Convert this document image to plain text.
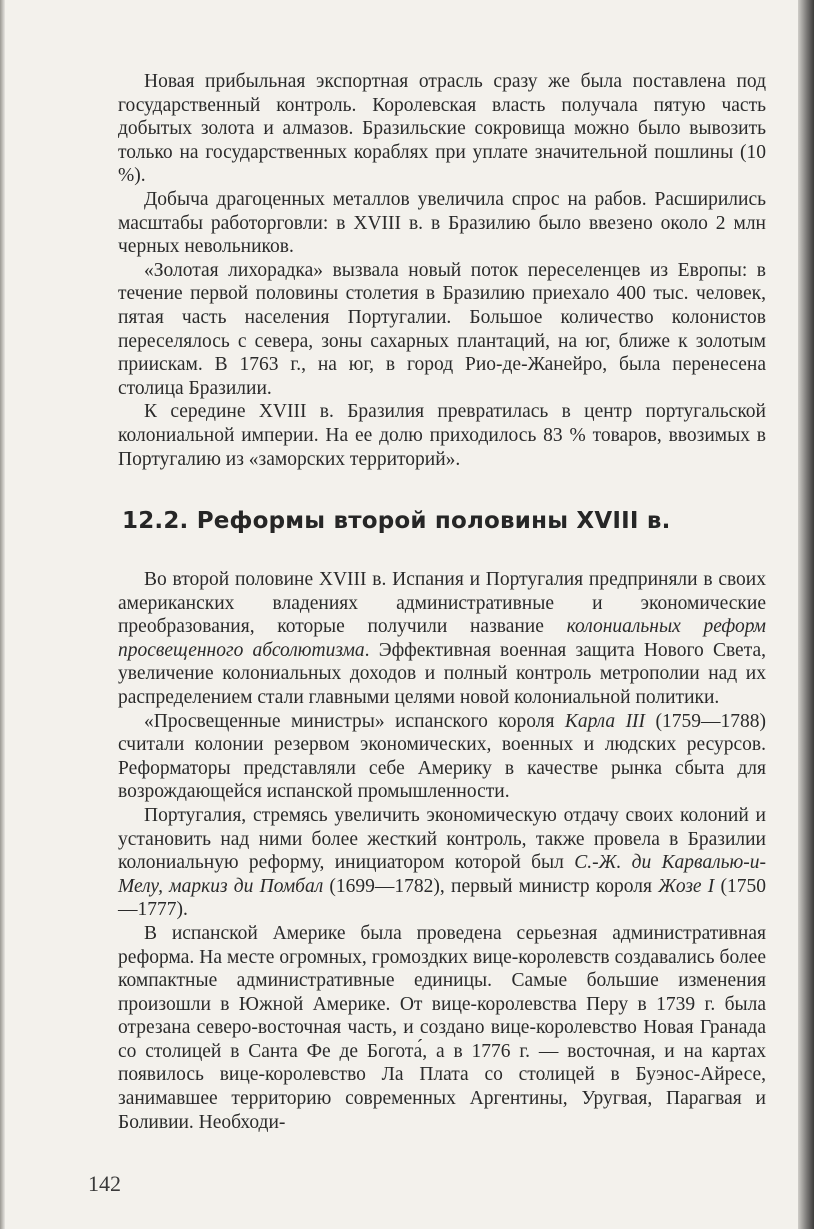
Новая прибыльная экспортная отрасль сразу же была поставлена под государственный контроль. Королевская власть получала пятую часть добытых золота и алмазов. Бразильские сокровища можно было вывозить только на государственных кораблях при уплате значительной пошлины (10 %).

Добыча драгоценных металлов увеличила спрос на рабов. Расширились масштабы работорговли: в XVIII в. в Бразилию было ввезено около 2 млн черных невольников.

«Золотая лихорадка» вызвала новый поток переселенцев из Европы: в течение первой половины столетия в Бразилию приехало 400 тыс. человек, пятая часть населения Португалии. Большое количество колонистов переселялось с севера, зоны сахарных плантаций, на юг, ближе к золотым приискам. В 1763 г., на юг, в город Рио-де-Жанейро, была перенесена столица Бразилии.

К середине XVIII в. Бразилия превратилась в центр португальской колониальной империи. На ее долю приходилось 83 % товаров, ввозимых в Португалию из «заморских территорий».

12.2. Реформы второй половины XVIII в.

Во второй половине XVIII в. Испания и Португалия предприняли в своих американских владениях административные и экономические преобразования, которые получили название колониальных реформ просвещенного абсолютизма. Эффективная военная защита Нового Света, увеличение колониальных доходов и полный контроль метрополии над их распределением стали главными целями новой колониальной политики.

«Просвещенные министры» испанского короля Карла III (1759—1788) считали колонии резервом экономических, военных и людских ресурсов. Реформаторы представляли себе Америку в качестве рынка сбыта для возрождающейся испанской промышленности.

Португалия, стремясь увеличить экономическую отдачу своих колоний и установить над ними более жесткий контроль, также провела в Бразилии колониальную реформу, инициатором которой был С.-Ж. ди Карвалью-и-Мелу, маркиз ди Помбал (1699—1782), первый министр короля Жозе I (1750—1777).

В испанской Америке была проведена серьезная административная реформа. На месте огромных, громоздких вице-королевств создавались более компактные административные единицы. Самые большие изменения произошли в Южной Америке. От вице-королевства Перу в 1739 г. была отрезана северо-восточная часть, и создано вице-королевство Новая Гранада со столицей в Санта Фе де Богота́, а в 1776 г. — восточная, и на картах появилось вице-королевство Ла Плата со столицей в Буэнос-Айресе, занимавшее территорию современных Аргентины, Уругвая, Парагвая и Боливии. Необходи-

142
